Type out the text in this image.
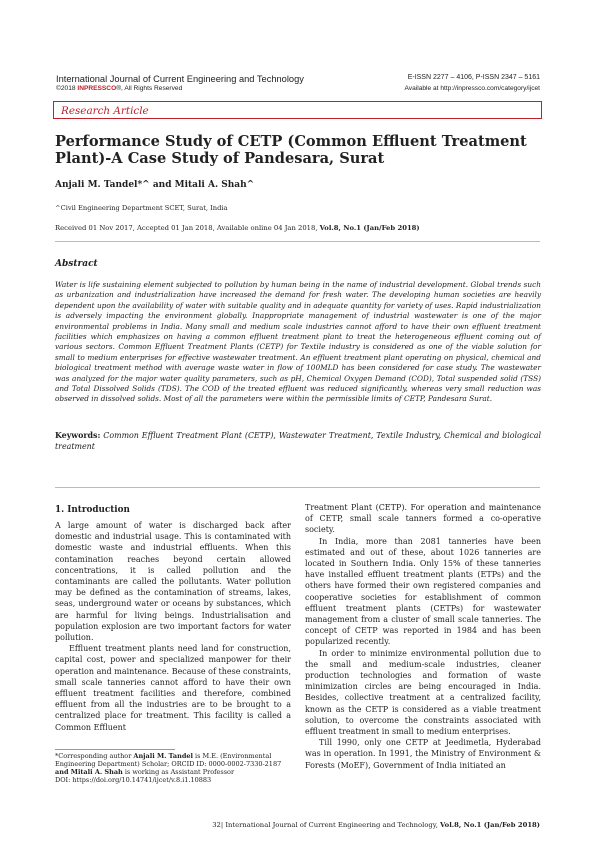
International Journal of Current Engineering and Technology
©2018 INPRESSCO®, All Rights Reserved
E-ISSN 2277 – 4106, P-ISSN 2347 – 5161
Available at http://inpressco.com/category/ijcet
Research Article
Performance Study of CETP (Common Effluent Treatment Plant)-A Case Study of Pandesara, Surat
Anjali M. Tandel*^ and Mitali A. Shah^
^Civil Engineering Department SCET, Surat, India
Received 01 Nov 2017, Accepted 01 Jan 2018, Available online 04 Jan 2018, Vol.8, No.1 (Jan/Feb 2018)
Abstract
Water is life sustaining element subjected to pollution by human being in the name of industrial development. Global trends such as urbanization and industrialization have increased the demand for fresh water. The developing human societies are heavily dependent upon the availability of water with suitable quality and in adequate quantity for variety of uses. Rapid industrialization is adversely impacting the environment globally. Inappropriate management of industrial wastewater is one of the major environmental problems in India. Many small and medium scale industries cannot afford to have their own effluent treatment facilities which emphasizes on having a common effluent treatment plant to treat the heterogeneous effluent coming out of various sectors. Common Effluent Treatment Plants (CETP) for Textile industry is considered as one of the viable solution for small to medium enterprises for effective wastewater treatment. An effluent treatment plant operating on physical, chemical and biological treatment method with average waste water in flow of 100MLD has been considered for case study. The wastewater was analyzed for the major water quality parameters, such as pH, Chemical Oxygen Demand (COD), Total suspended solid (TSS) and Total Dissolved Solids (TDS). The COD of the treated effluent was reduced significantly, whereas very small reduction was observed in dissolved solids. Most of all the parameters were within the permissible limits of CETP, Pandesara Surat.
Keywords: Common Effluent Treatment Plant (CETP), Wastewater Treatment, Textile Industry, Chemical and biological treatment
1. Introduction

A large amount of water is discharged back after domestic and industrial usage. This is contaminated with domestic waste and industrial effluents. When this contamination reaches beyond certain allowed concentrations, it is called pollution and the contaminants are called the pollutants. Water pollution may be defined as the contamination of streams, lakes, seas, underground water or oceans by substances, which are harmful for living beings. Industrialisation and population explosion are two important factors for water pollution.

Effluent treatment plants need land for construction, capital cost, power and specialized manpower for their operation and maintenance. Because of these constraints, small scale tanneries cannot afford to have their own effluent treatment facilities and therefore, combined effluent from all the industries are to be brought to a centralized place for treatment. This facility is called a Common Effluent

Treatment Plant (CETP). For operation and maintenance of CETP, small scale tanners formed a co-operative society.

In India, more than 2081 tanneries have been estimated and out of these, about 1026 tanneries are located in Southern India. Only 15% of these tanneries have installed effluent treatment plants (ETPs) and the others have formed their own registered companies and cooperative societies for establishment of common effluent treatment plants (CETPs) for wastewater management from a cluster of small scale tanneries. The concept of CETP was reported in 1984 and has been popularized recently.

In order to minimize environmental pollution due to the small and medium-scale industries, cleaner production technologies and formation of waste minimization circles are being encouraged in India. Besides, collective treatment at a centralized facility, known as the CETP is considered as a viable treatment solution, to overcome the constraints associated with effluent treatment in small to medium enterprises.

Till 1990, only one CETP at Jeedimetla, Hyderabad was in operation. In 1991, the Ministry of Environment & Forests (MoEF), Government of India initiated an

*Corresponding author Anjali M. Tandel is M.E. (Environmental Engineering Department) Scholar; ORCID ID: 0000-0002-7330-2187
and Mitali A. Shah is working as Assistant Professor
DOI: https://doi.org/10.14741/ijcet/v.8.i1.10883
32| International Journal of Current Engineering and Technology, Vol.8, No.1 (Jan/Feb 2018)
